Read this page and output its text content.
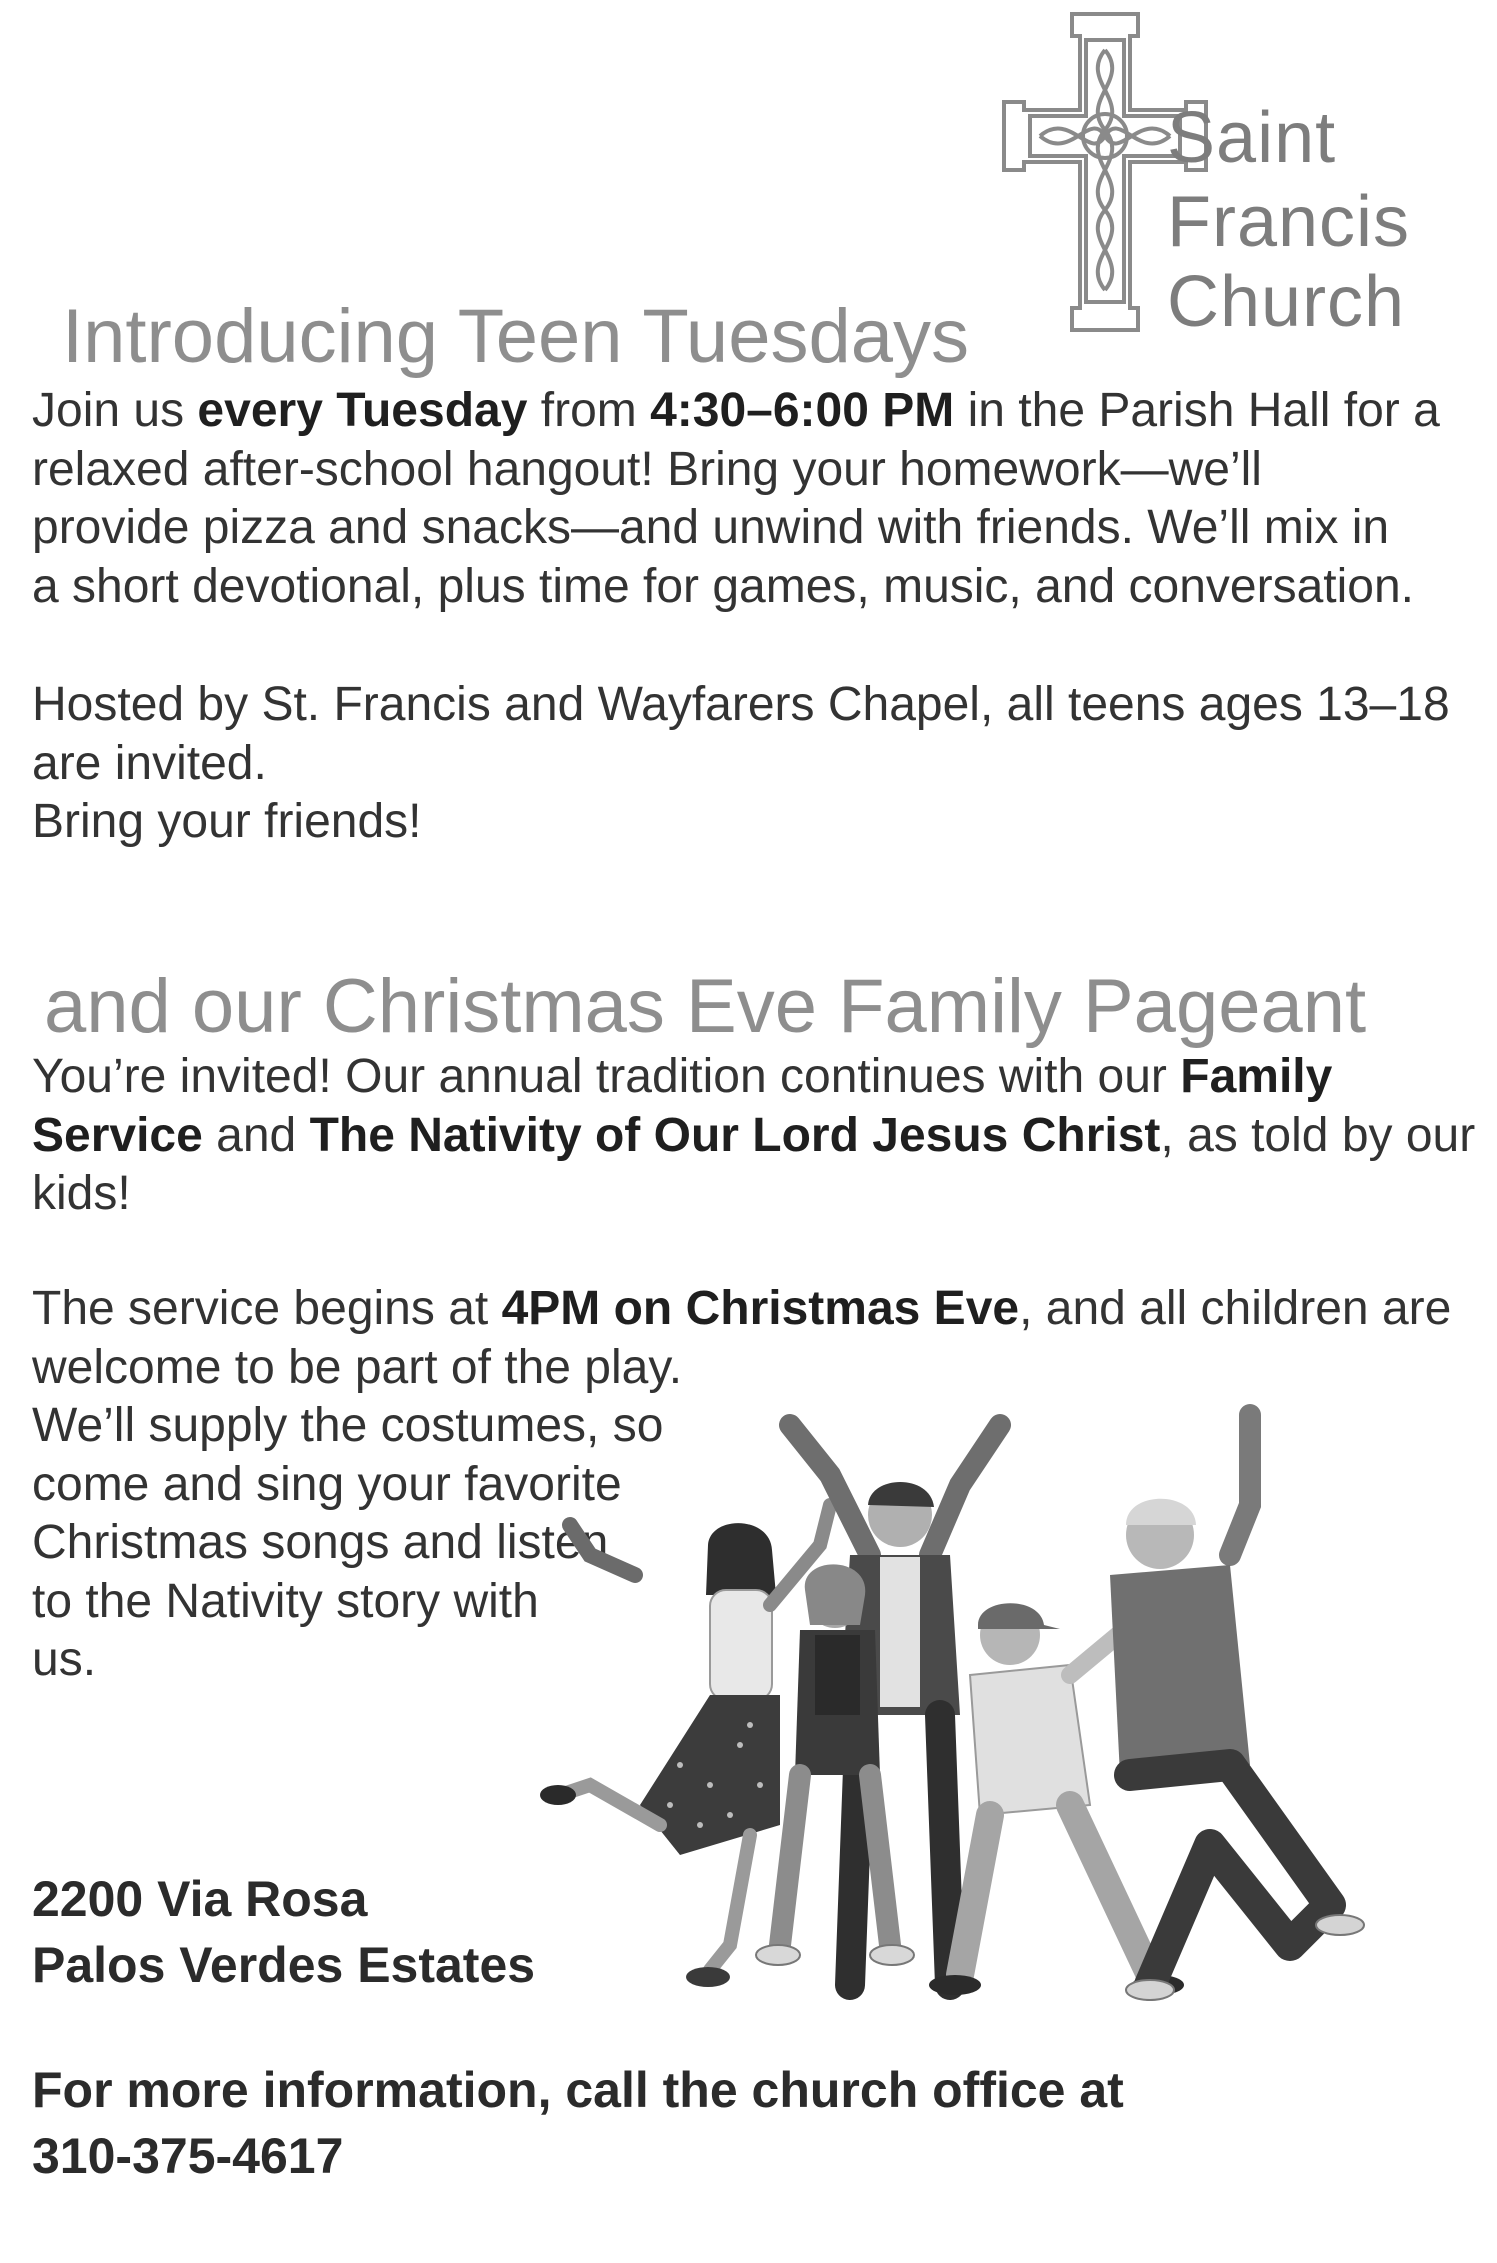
Saint
Francis
Church
Introducing Teen Tuesdays

Join us every Tuesday from 4:30–6:00 PM in the Parish Hall for a
relaxed after-school hangout! Bring your homework—we’ll
provide pizza and snacks—and unwind with friends. We’ll mix in
a short devotional, plus time for games, music, and conversation.

Hosted by St. Francis and Wayfarers Chapel, all teens ages 13–18
are invited.
Bring your friends!

and our Christmas Eve Family Pageant

You’re invited! Our annual tradition continues with our Family
Service and The Nativity of Our Lord Jesus Christ, as told by our
kids!

The service begins at 4PM on Christmas Eve, and all children are
welcome to be part of the play.
We’ll supply the costumes, so
come and sing your favorite
Christmas songs and listen
to the Nativity story with
us.

2200 Via Rosa
Palos Verdes Estates
For more information, call the church office at
310-375-4617
